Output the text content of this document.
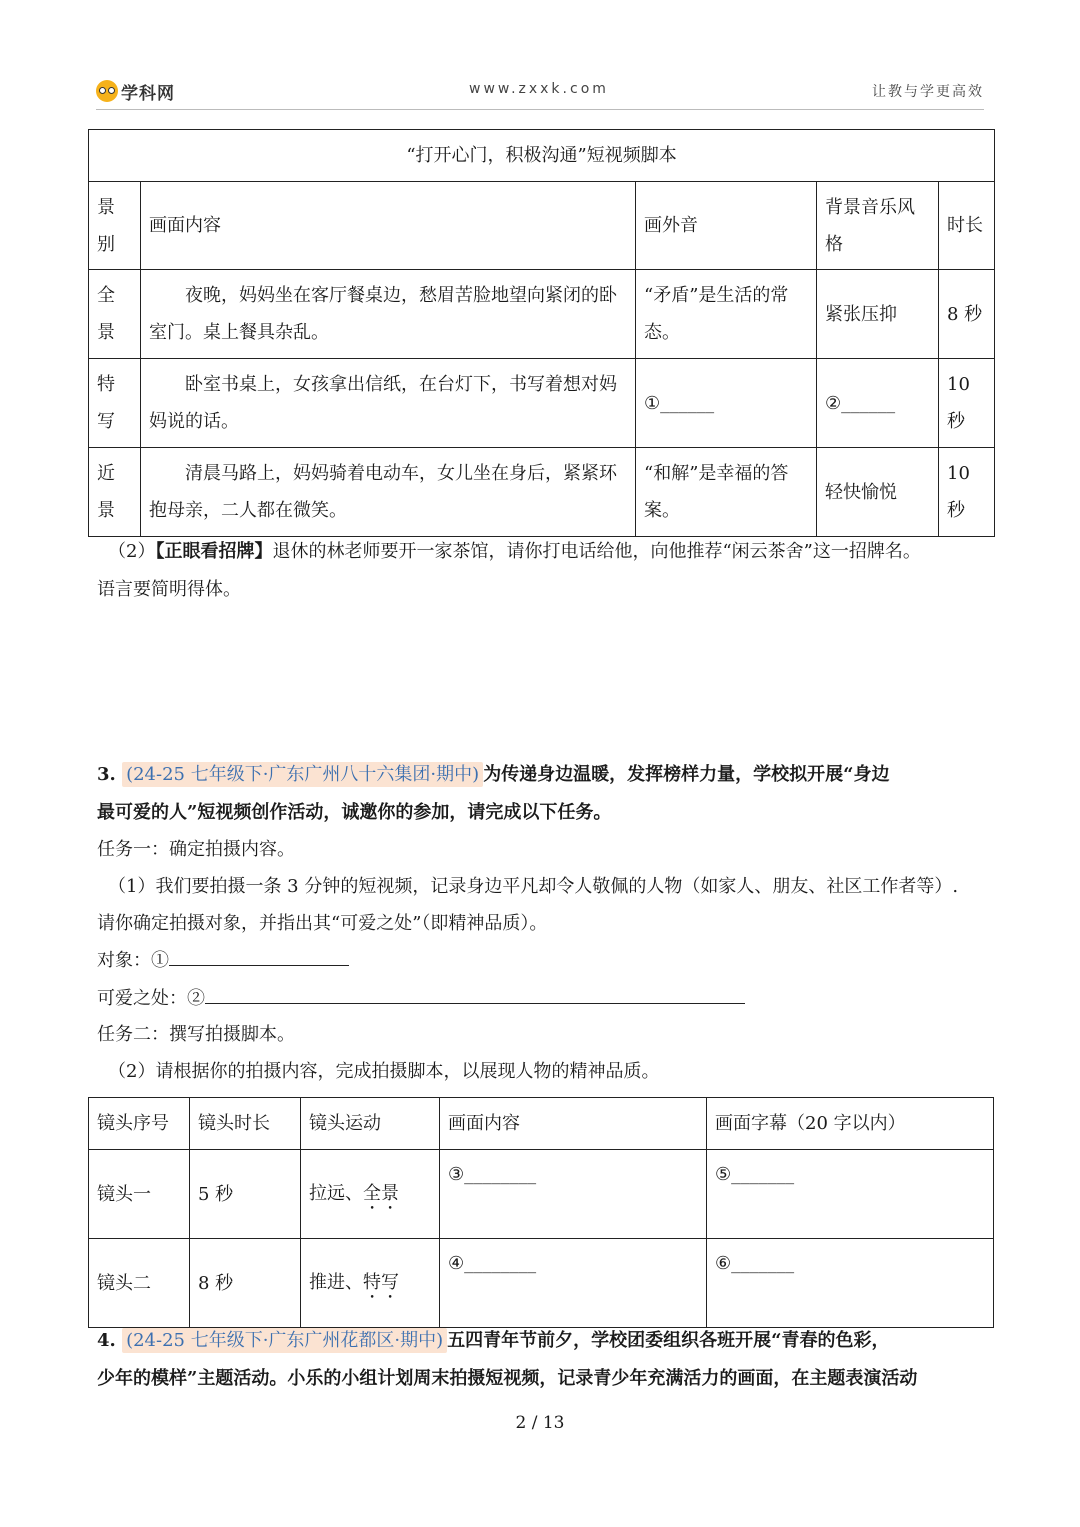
学科网	www.zxxk.com	让教与学更高效
“打开心门，积极沟通”短视频脚本				
景别	画面内容	画外音	背景音乐风格	时长
全景	夜晚，妈妈坐在客厅餐桌边，愁眉苦脸地望向紧闭的卧室门。桌上餐具杂乱。	“矛盾”是生活的常态。	紧张压抑	8 秒
特写	卧室书桌上，女孩拿出信纸，在台灯下，书写着想对妈妈说的话。	①______	②______	10 秒
近景	清晨马路上，妈妈骑着电动车，女儿坐在身后，紧紧环抱母亲，二人都在微笑。	“和解”是幸福的答案。	轻快愉悦	10 秒
（2）【正眼看招牌】退休的林老师要开一家茶馆，请你打电话给他，向他推荐“闲云茶舍”这一招牌名。
语言要简明得体。
3. (24-25 七年级下·广东广州八十六集团·期中) 为传递身边温暖，发挥榜样力量，学校拟开展“身边
最可爱的人”短视频创作活动，诚邀你的参加，请完成以下任务。
任务一：确定拍摄内容。
（1）我们要拍摄一条 3 分钟的短视频，记录身边平凡却令人敬佩的人物（如家人、朋友、社区工作者等）.
请你确定拍摄对象，并指出其“可爱之处”（即精神品质）。
对象：①
可爱之处：②
任务二：撰写拍摄脚本。
（2）请根据你的拍摄内容，完成拍摄脚本，以展现人物的精神品质。
镜头序号	镜头时长	镜头运动	画面内容	画面字幕（20 字以内）
镜头一	5 秒	拉远、全景	③________	⑤_______
镜头二	8 秒	推进、特写	④________	⑥_______
4. (24-25 七年级下·广东广州花都区·期中) 五四青年节前夕，学校团委组织各班开展“青春的色彩，
少年的模样”主题活动。小乐的小组计划周末拍摄短视频，记录青少年充满活力的画面，在主题表演活动
2 / 13
